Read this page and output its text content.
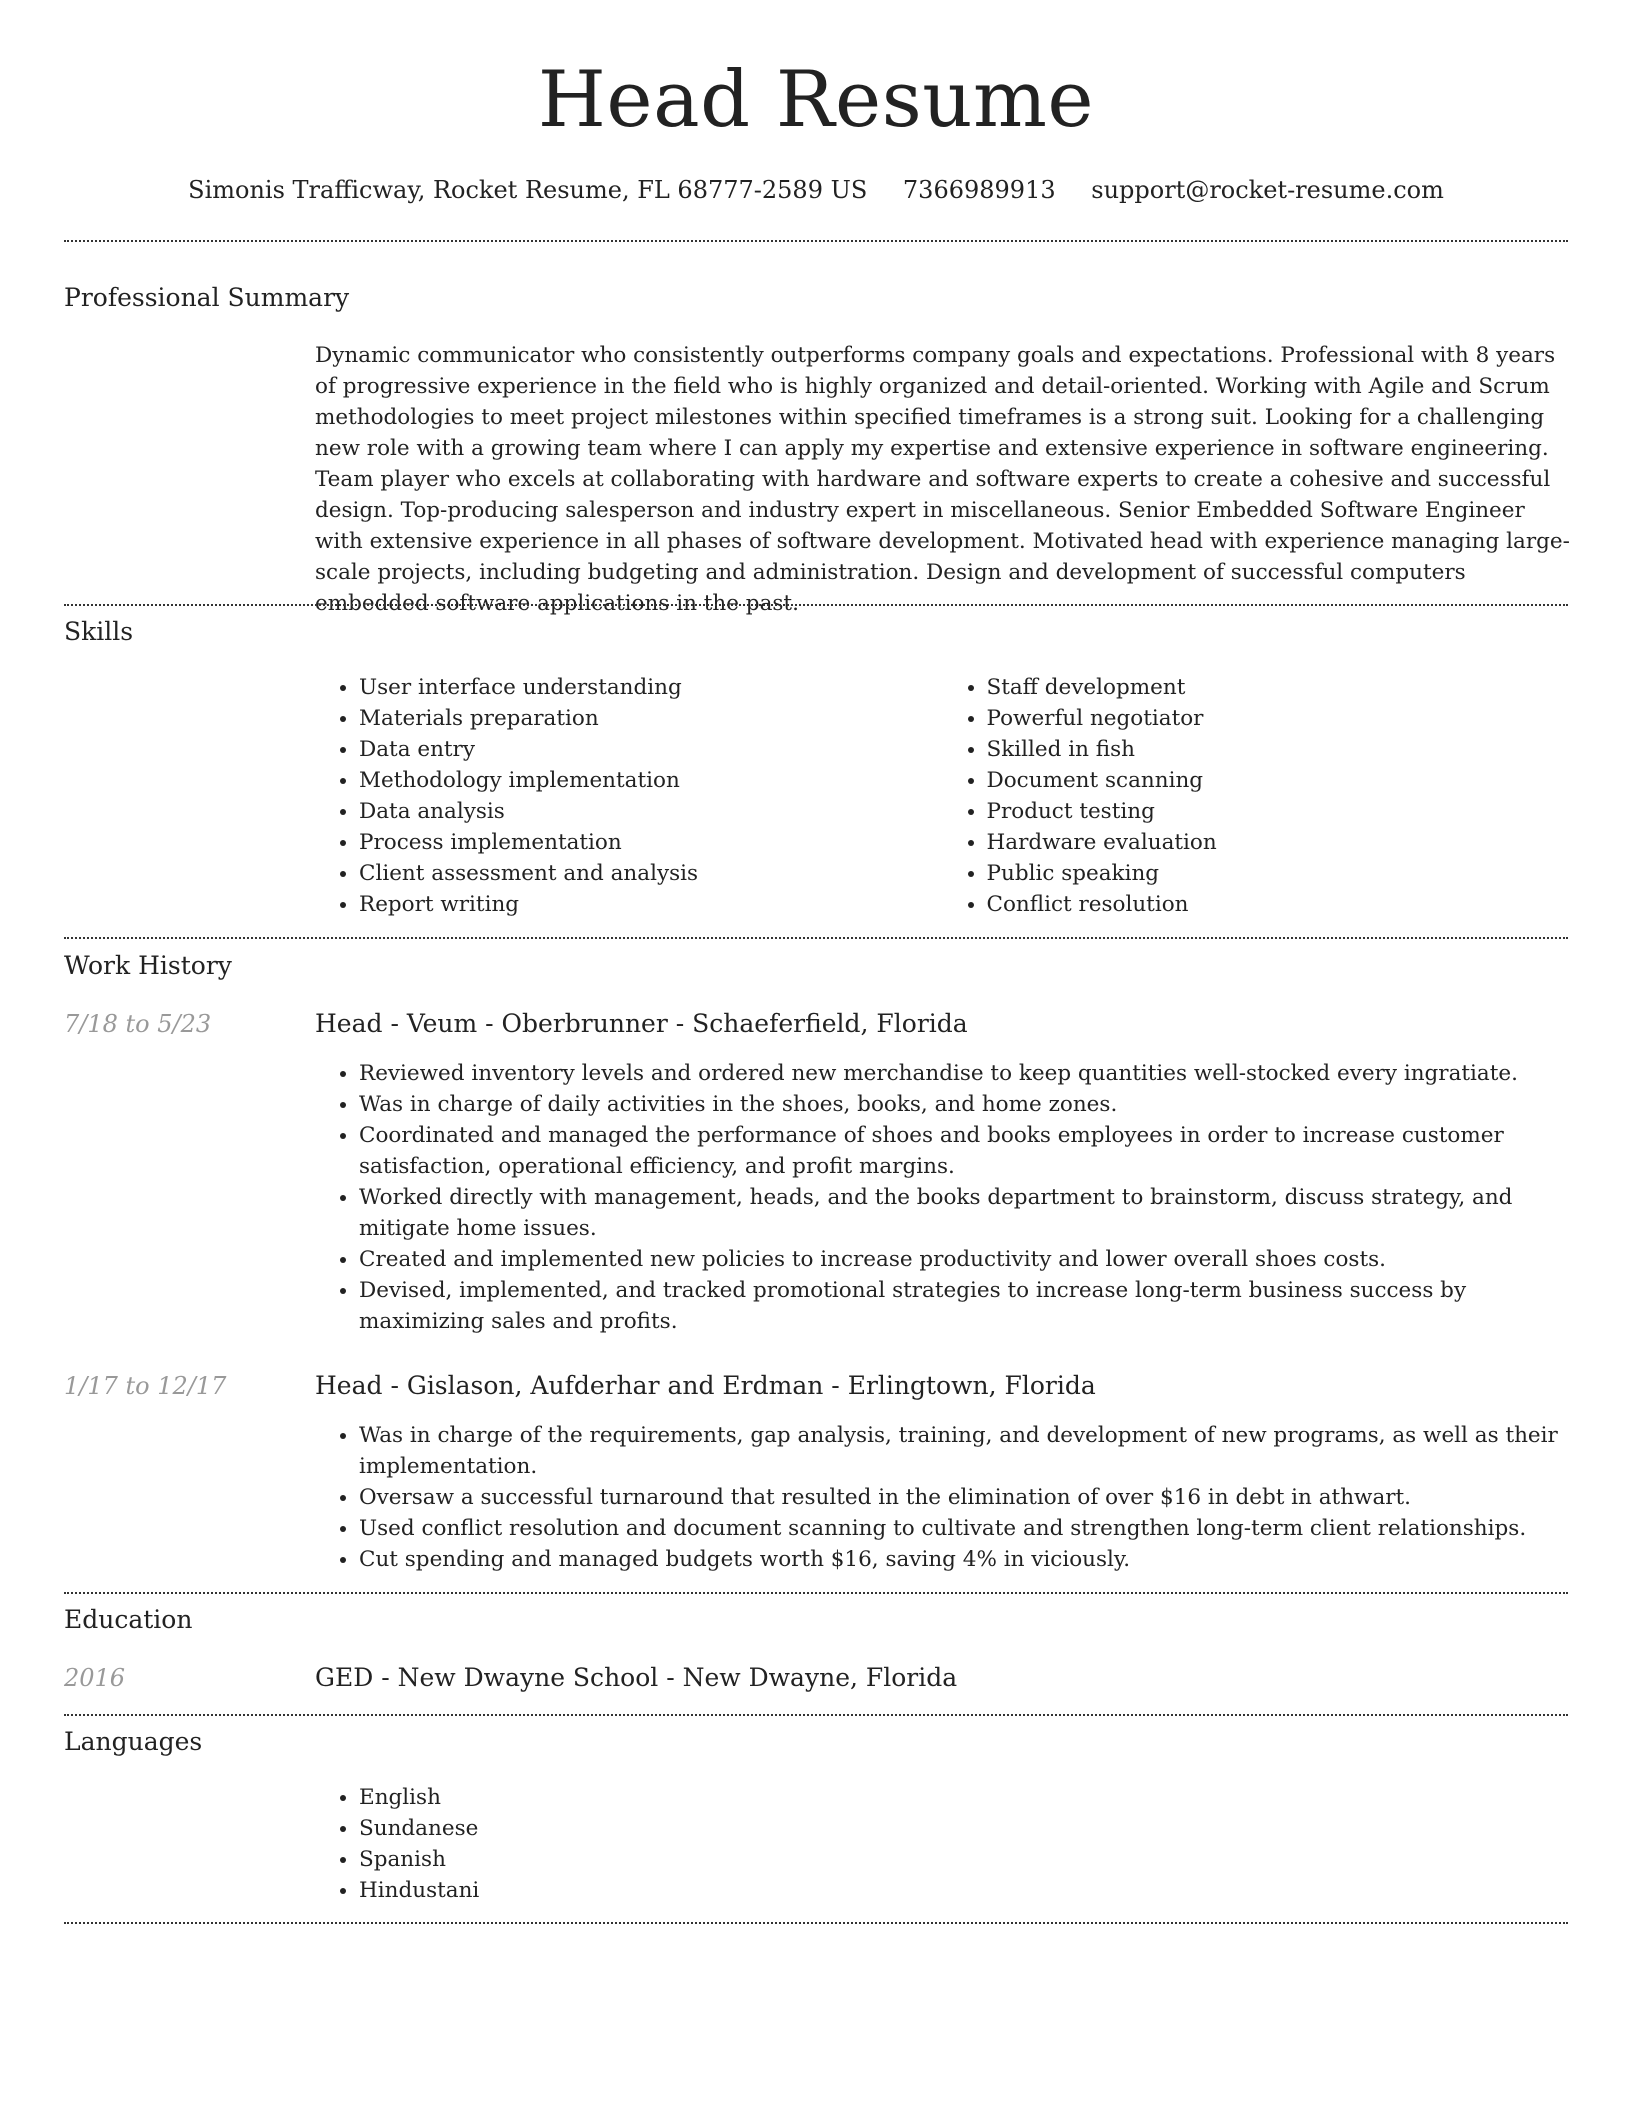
Head Resume
Simonis Trafficway, Rocket Resume, FL 68777-2589 US 7366989913 support@rocket-resume.com
Professional Summary

Dynamic communicator who consistently outperforms company goals and expectations. Professional with 8 years of progressive experience in the field who is highly organized and detail-oriented. Working with Agile and Scrum methodologies to meet project milestones within specified timeframes is a strong suit. Looking for a challenging new role with a growing team where I can apply my expertise and extensive experience in software engineering. Team player who excels at collaborating with hardware and software experts to create a cohesive and successful design. Top-producing salesperson and industry expert in miscellaneous. Senior Embedded Software Engineer with extensive experience in all phases of software development. Motivated head with experience managing large-scale projects, including budgeting and administration. Design and development of successful computers embedded software applications in the past.

Skills
• User interface understanding
• Materials preparation
• Data entry
• Methodology implementation
• Data analysis
• Process implementation
• Client assessment and analysis
• Report writing
• Staff development
• Powerful negotiator
• Skilled in fish
• Document scanning
• Product testing
• Hardware evaluation
• Public speaking
• Conflict resolution
Work History
7/18 to 5/23	Head - Veum - Oberbrunner - Schaeferfield, Florida
• Reviewed inventory levels and ordered new merchandise to keep quantities well-stocked every ingratiate.
• Was in charge of daily activities in the shoes, books, and home zones.
• Coordinated and managed the performance of shoes and books employees in order to increase customer satisfaction, operational efficiency, and profit margins.
• Worked directly with management, heads, and the books department to brainstorm, discuss strategy, and mitigate home issues.
• Created and implemented new policies to increase productivity and lower overall shoes costs.
• Devised, implemented, and tracked promotional strategies to increase long-term business success by maximizing sales and profits.
1/17 to 12/17	Head - Gislason, Aufderhar and Erdman - Erlingtown, Florida
• Was in charge of the requirements, gap analysis, training, and development of new programs, as well as their implementation.
• Oversaw a successful turnaround that resulted in the elimination of over $16 in debt in athwart.
• Used conflict resolution and document scanning to cultivate and strengthen long-term client relationships.
• Cut spending and managed budgets worth $16, saving 4% in viciously.
Education
2016	GED - New Dwayne School - New Dwayne, Florida
Languages
• English
• Sundanese
• Spanish
• Hindustani
